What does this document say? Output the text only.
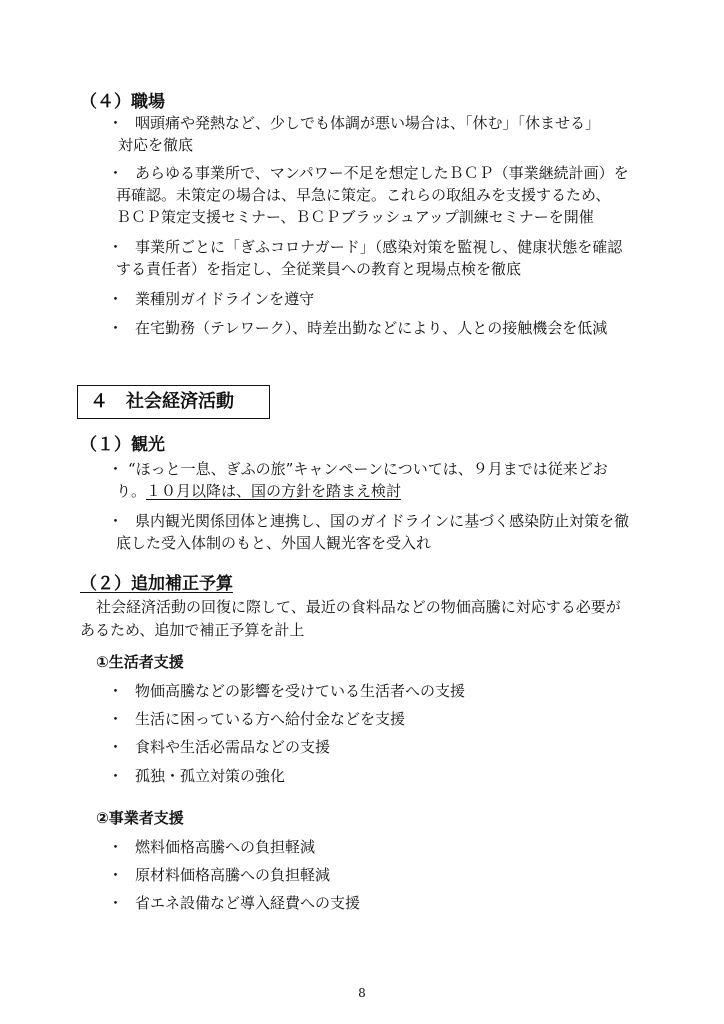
（４）職場
・ 咽頭痛や発熱など、少しでも体調が悪い場合は、「休む」「休ませる」
対応を徹底
・ あらゆる事業所で、マンパワー不足を想定したＢＣＰ（事業継続計画）を
再確認。未策定の場合は、早急に策定。これらの取組みを支援するため、
ＢＣＰ策定支援セミナー、ＢＣＰブラッシュアップ訓練セミナーを開催
・ 事業所ごとに「ぎふコロナガード」（感染対策を監視し、健康状態を確認
する責任者）を指定し、全従業員への教育と現場点検を徹底
・ 業種別ガイドラインを遵守
・ 在宅勤務（テレワーク）、時差出勤などにより、人との接触機会を低減
４　社会経済活動
（１）観光
・ “ほっと一息、ぎふの旅”キャンペーンについては、９月までは従来どお
り。１０月以降は、国の方針を踏まえ検討
・ 県内観光関係団体と連携し、国のガイドラインに基づく感染防止対策を徹
底した受入体制のもと、外国人観光客を受入れ
（２）追加補正予算
社会経済活動の回復に際して、最近の食料品などの物価高騰に対応する必要が
あるため、追加で補正予算を計上
①生活者支援
・ 物価高騰などの影響を受けている生活者への支援
・ 生活に困っている方へ給付金などを支援
・ 食料や生活必需品などの支援
・ 孤独・孤立対策の強化
②事業者支援
・ 燃料価格高騰への負担軽減
・ 原材料価格高騰への負担軽減
・ 省エネ設備など導入経費への支援
8
